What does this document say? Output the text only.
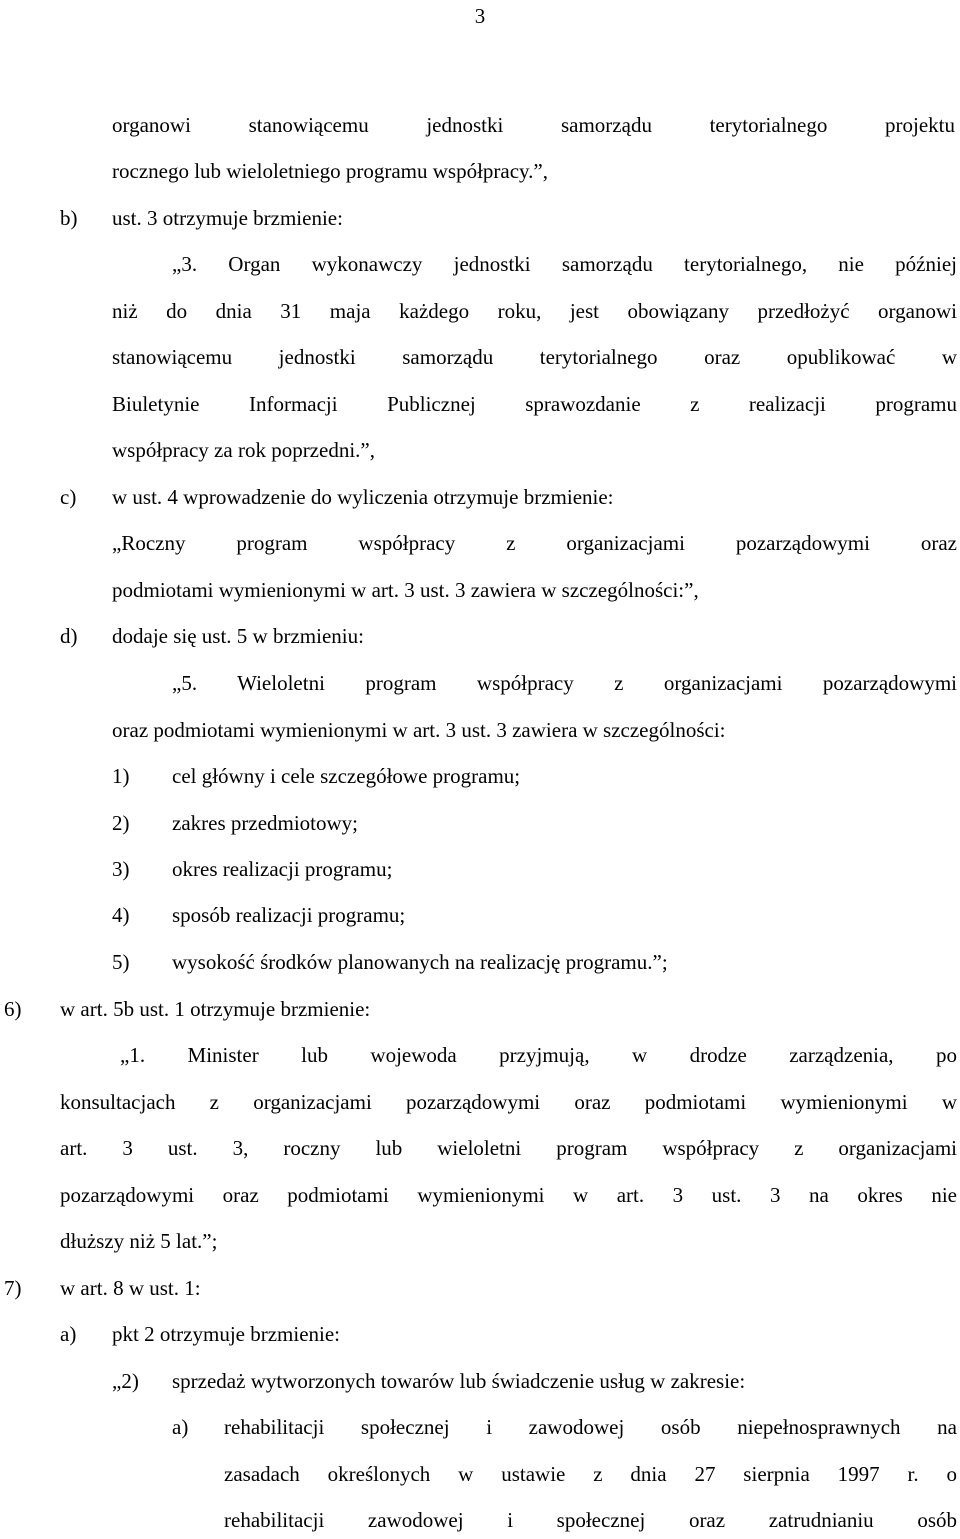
3
organowi stanowiącemu jednostki samorządu terytorialnego projektu
rocznego lub wieloletniego programu współpracy.”,
b) ust. 3 otrzymuje brzmienie:
„3. Organ wykonawczy jednostki samorządu terytorialnego, nie później
niż do dnia 31 maja każdego roku, jest obowiązany przedłożyć organowi
stanowiącemu jednostki samorządu terytorialnego oraz opublikować w
Biuletynie Informacji Publicznej sprawozdanie z realizacji programu
współpracy za rok poprzedni.”,
c) w ust. 4 wprowadzenie do wyliczenia otrzymuje brzmienie:
„Roczny program współpracy z organizacjami pozarządowymi oraz
podmiotami wymienionymi w art. 3 ust. 3 zawiera w szczególności:”,
d) dodaje się ust. 5 w brzmieniu:
„5. Wieloletni program współpracy z organizacjami pozarządowymi
oraz podmiotami wymienionymi w art. 3 ust. 3 zawiera w szczególności:
1) cel główny i cele szczegółowe programu;
2) zakres przedmiotowy;
3) okres realizacji programu;
4) sposób realizacji programu;
5) wysokość środków planowanych na realizację programu.”;
6) w art. 5b ust. 1 otrzymuje brzmienie:
„1. Minister lub wojewoda przyjmują, w drodze zarządzenia, po
konsultacjach z organizacjami pozarządowymi oraz podmiotami wymienionymi w
art. 3 ust. 3, roczny lub wieloletni program współpracy z organizacjami
pozarządowymi oraz podmiotami wymienionymi w art. 3 ust. 3 na okres nie
dłuższy niż 5 lat.”;
7) w art. 8 w ust. 1:
a) pkt 2 otrzymuje brzmienie:
„2) sprzedaż wytworzonych towarów lub świadczenie usług w zakresie:
a) rehabilitacji społecznej i zawodowej osób niepełnosprawnych na
zasadach określonych w ustawie z dnia 27 sierpnia 1997 r. o
rehabilitacji zawodowej i społecznej oraz zatrudnianiu osób
